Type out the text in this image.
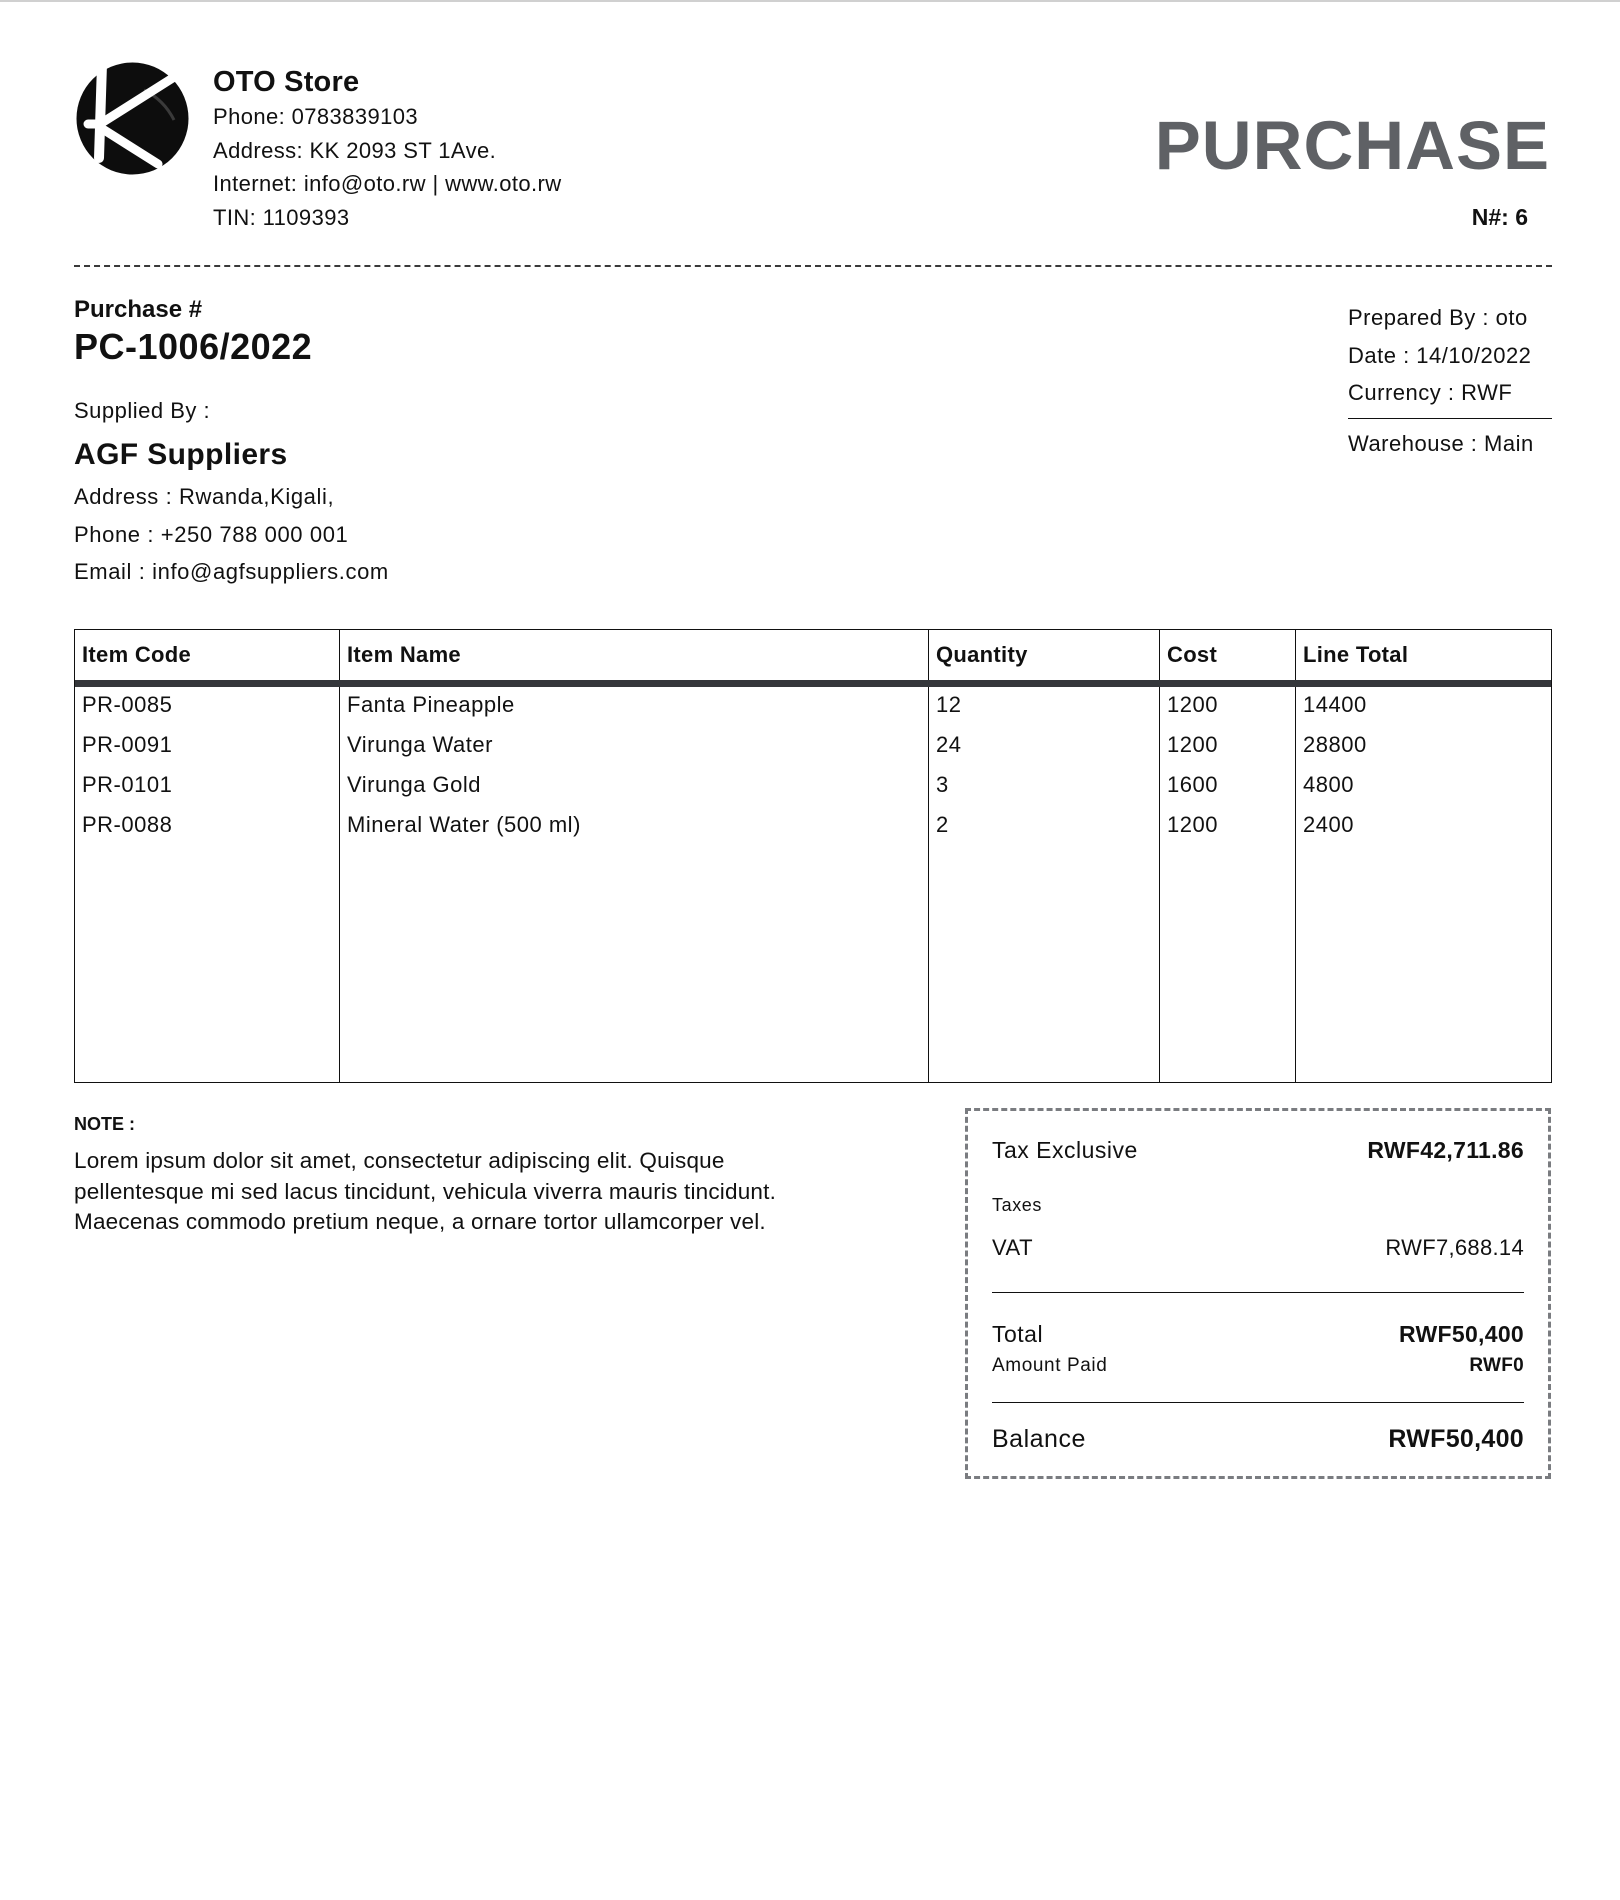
OTO Store
Phone: 0783839103
Address: KK 2093 ST 1Ave.
Internet: info@oto.rw | www.oto.rw
TIN: 1109393
PURCHASE
N#: 6
Purchase #
PC-1006/2022
Supplied By :
AGF Suppliers
Address : Rwanda,Kigali,
Phone : +250 788 000 001
Email : info@agfsuppliers.com
Prepared By : oto
Date : 14/10/2022
Currency : RWF
Warehouse : Main
Item Code	Item Name	Quantity	Cost	Line Total
PR-0085	Fanta Pineapple	12	1200	14400
PR-0091	Virunga Water	24	1200	28800
PR-0101	Virunga Gold	3	1600	4800
PR-0088	Mineral Water (500 ml)	2	1200	2400
NOTE :
Lorem ipsum dolor sit amet, consectetur adipiscing elit. Quisque pellentesque mi sed lacus tincidunt, vehicula viverra mauris tincidunt. Maecenas commodo pretium neque, a ornare tortor ullamcorper vel.
Tax Exclusive	RWF42,711.86
Taxes
VAT	RWF7,688.14
Total	RWF50,400
Amount Paid	RWF0
Balance	RWF50,400
